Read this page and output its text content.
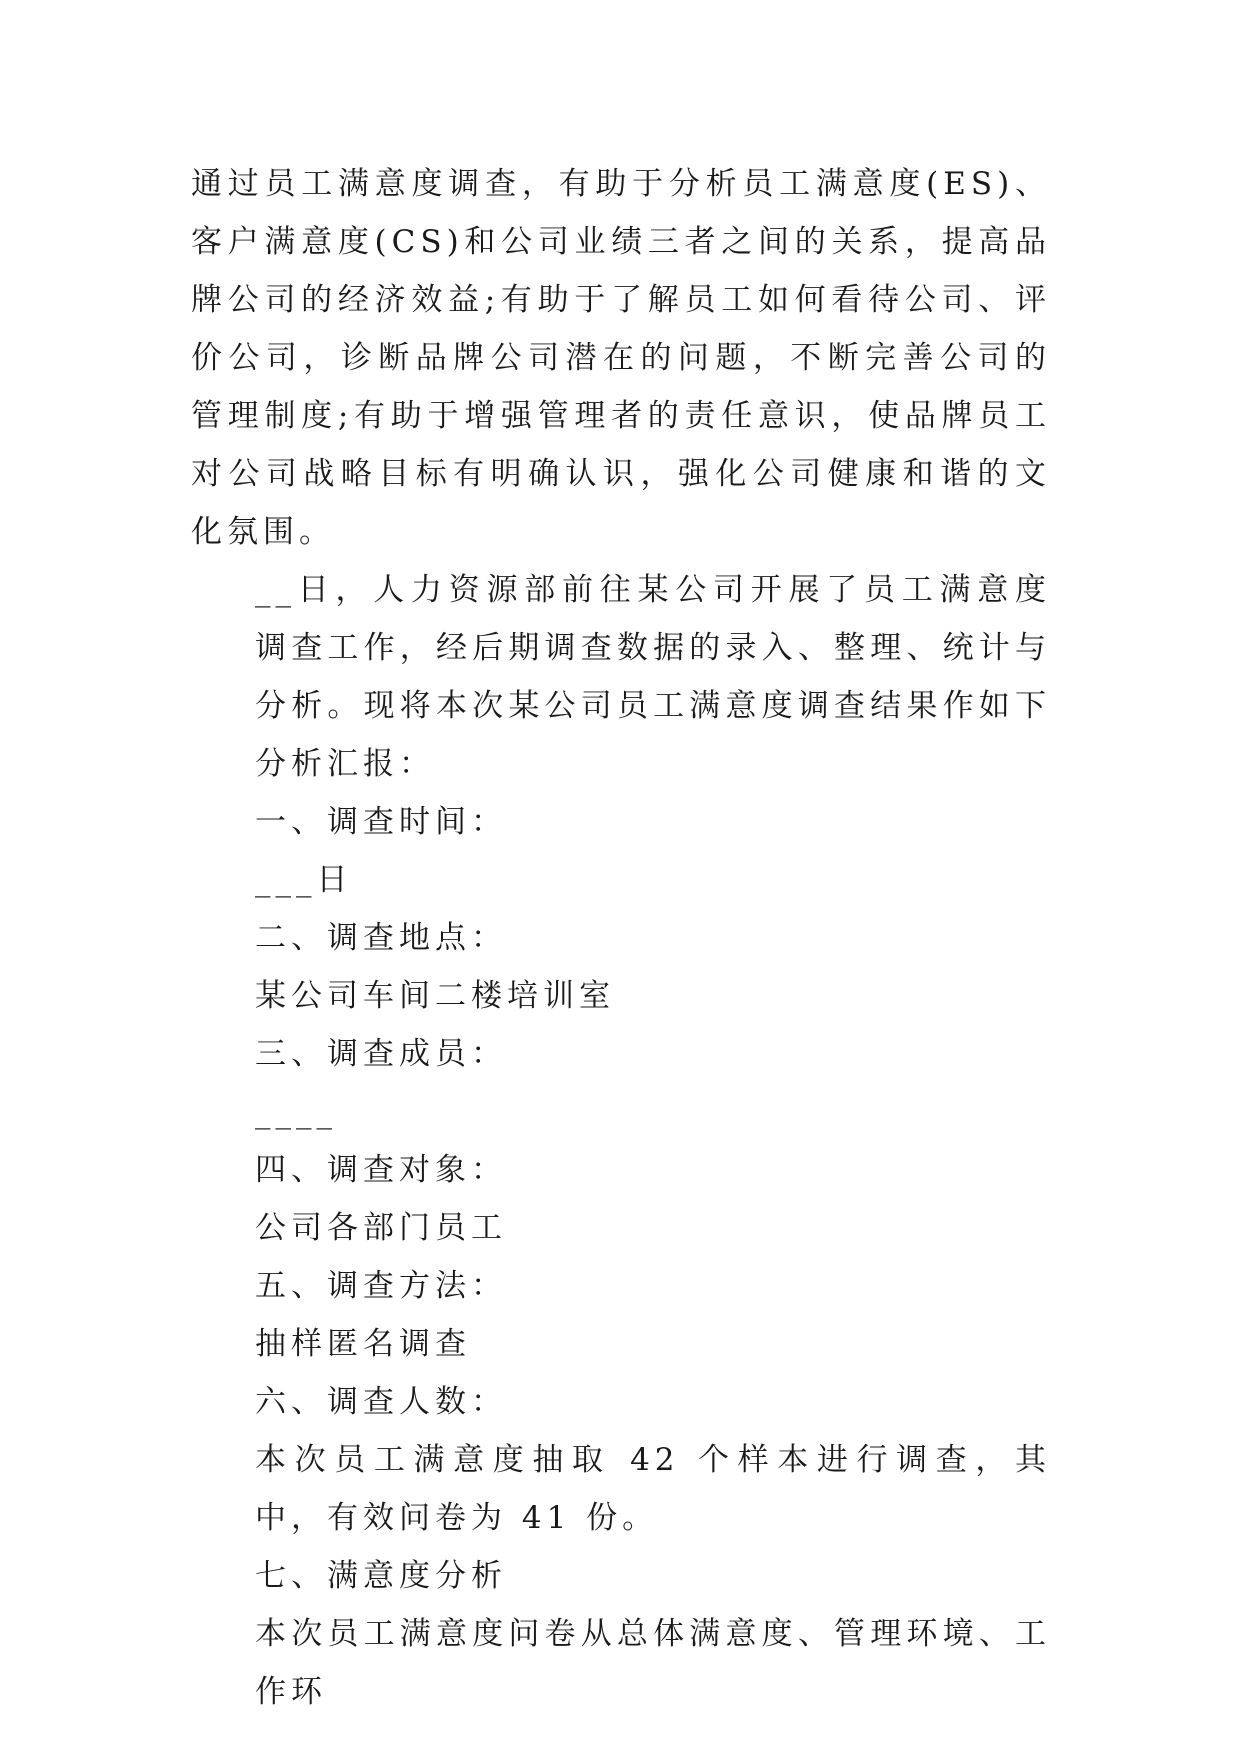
通过员工满意度调查，有助于分析员工满意度(ES)、客户满意度(CS)和公司业绩三者之间的关系，提高品牌公司的经济效益;有助于了解员工如何看待公司、评价公司，诊断品牌公司潜在的问题，不断完善公司的管理制度;有助于增强管理者的责任意识，使品牌员工对公司战略目标有明确认识，强化公司健康和谐的文化氛围。

__日，人力资源部前往某公司开展了员工满意度调查工作，经后期调查数据的录入、整理、统计与分析。现将本次某公司员工满意度调查结果作如下分析汇报：

一、调查时间：

___日

二、调查地点：

某公司车间二楼培训室

三、调查成员：

____

四、调查对象：

公司各部门员工

五、调查方法：

抽样匿名调查

六、调查人数：

本次员工满意度抽取 42 个样本进行调查，其中，有效问卷为 41 份。

七、满意度分析

本次员工满意度问卷从总体满意度、管理环境、工作环
